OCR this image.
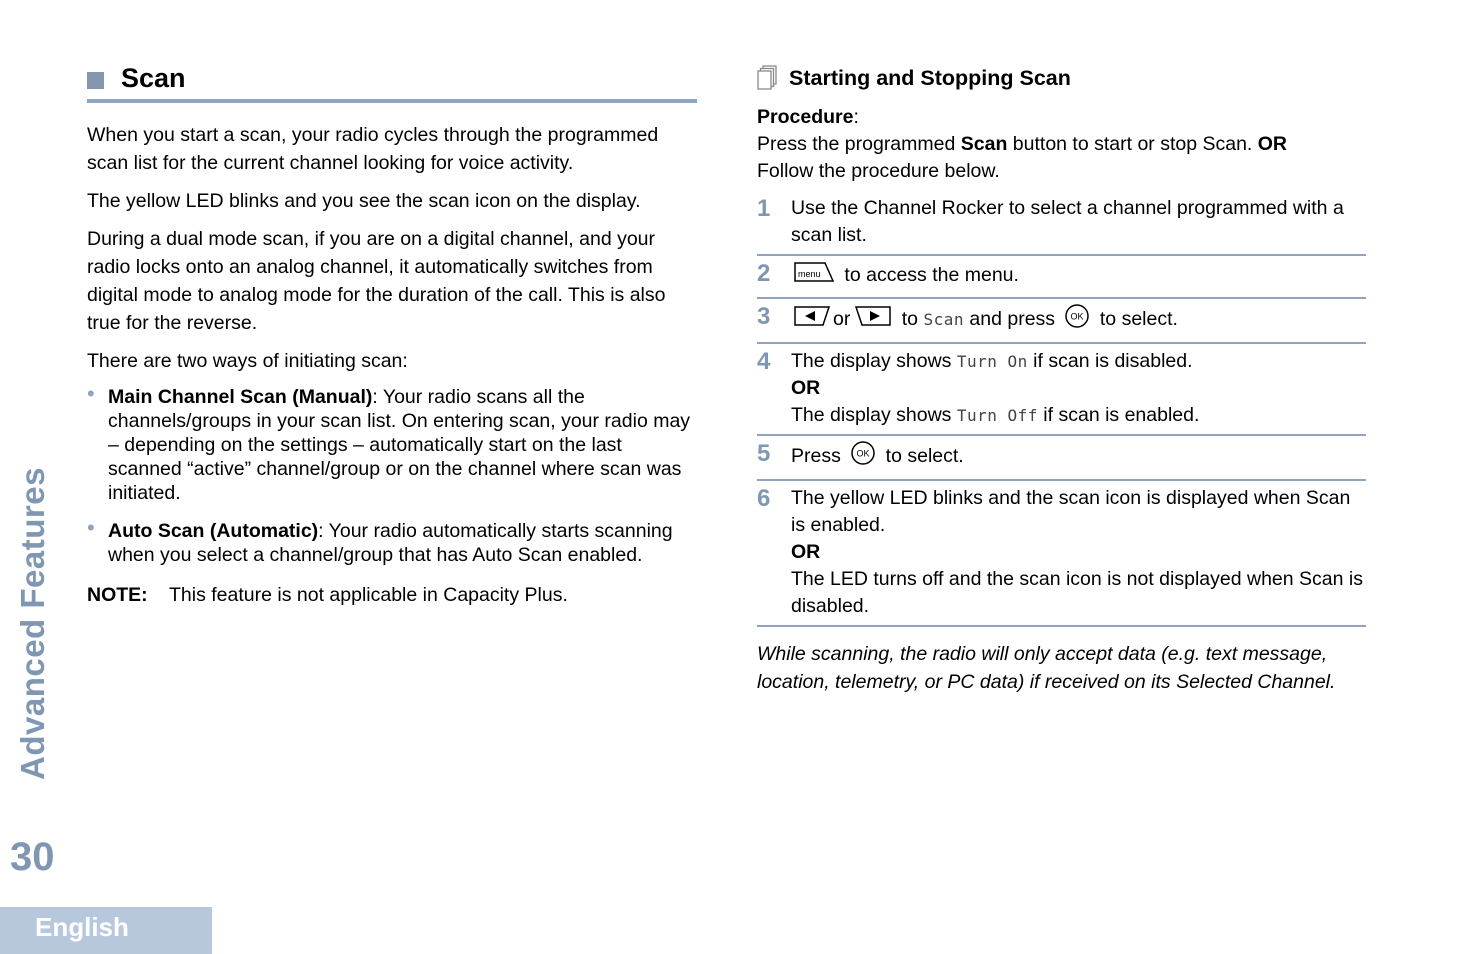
Advanced Features
30
English
Scan

When you start a scan, your radio cycles through the programmed scan list for the current channel looking for voice activity.

The yellow LED blinks and you see the scan icon on the display.

During a dual mode scan, if you are on a digital channel, and your radio locks onto an analog channel, it automatically switches from digital mode to analog mode for the duration of the call. This is also true for the reverse.

There are two ways of initiating scan:

• Main Channel Scan (Manual): Your radio scans all the channels/groups in your scan list. On entering scan, your radio may – depending on the settings – automatically start on the last scanned “active” channel/group or on the channel where scan was initiated.
• Auto Scan (Automatic): Your radio automatically starts scanning when you select a channel/group that has Auto Scan enabled.
NOTE:	This feature is not applicable in Capacity Plus.
Starting and Stopping Scan
Procedure:
Press the programmed Scan button to start or stop Scan. OR
Follow the procedure below.
1	Use the Channel Rocker to select a channel programmed with a scan list.
2	menu to access the menu.
3	or to Scan and press OK to select.
4	The display shows Turn On if scan is disabled.
OR
The display shows Turn Off if scan is enabled.
5	Press OK to select.
6	The yellow LED blinks and the scan icon is displayed when Scan is enabled.
OR
The LED turns off and the scan icon is not displayed when Scan is disabled.
While scanning, the radio will only accept data (e.g. text message, location, telemetry, or PC data) if received on its Selected Channel.
